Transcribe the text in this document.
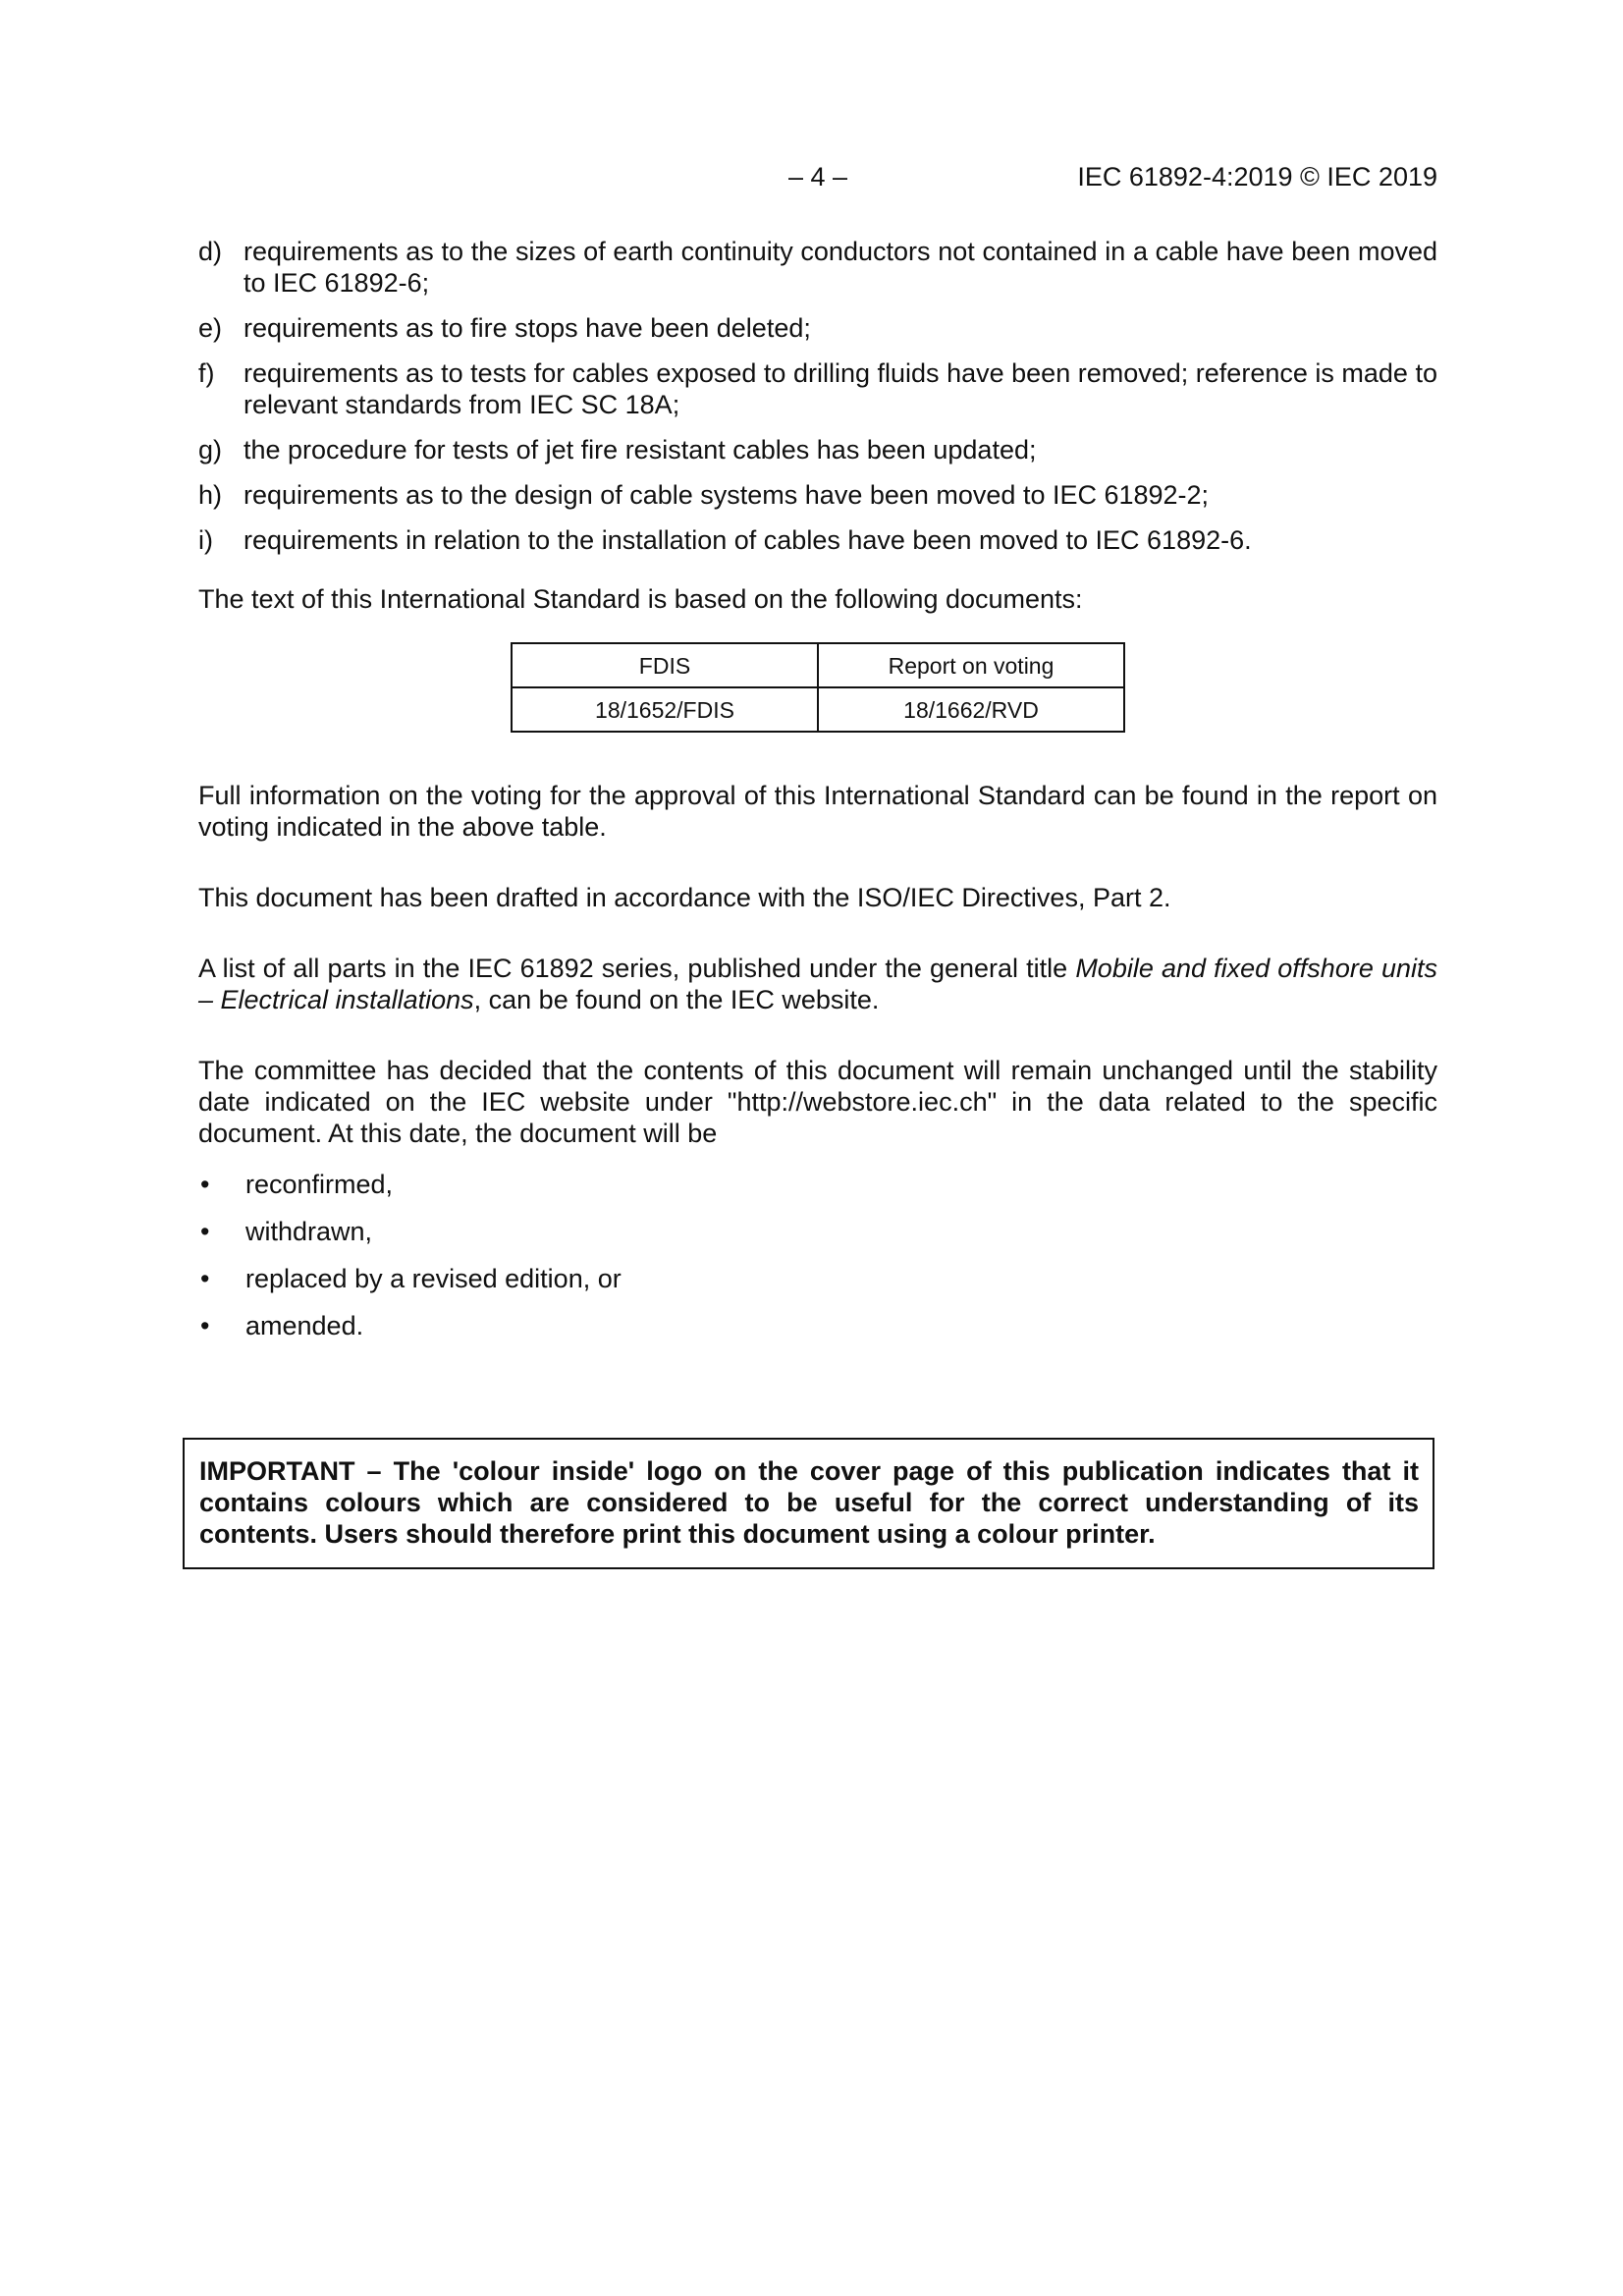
– 4 –	IEC 61892-4:2019 © IEC 2019
d) requirements as to the sizes of earth continuity conductors not contained in a cable have been moved to IEC 61892-6;
e) requirements as to fire stops have been deleted;
f)	requirements as to tests for cables exposed to drilling fluids have been removed; reference is made to relevant standards from IEC SC 18A;
g) the procedure for tests of jet fire resistant cables has been updated;
h) requirements as to the design of cable systems have been moved to IEC 61892-2;
i)	requirements in relation to the installation of cables have been moved to IEC 61892-6.

The text of this International Standard is based on the following documents:

FDIS	Report on voting
18/1652/FDIS	18/1662/RVD

Full information on the voting for the approval of this International Standard can be found in the report on voting indicated in the above table.

This document has been drafted in accordance with the ISO/IEC Directives, Part 2.

A list of all parts in the IEC 61892 series, published under the general title Mobile and fixed offshore units – Electrical installations, can be found on the IEC website.

The committee has decided that the contents of this document will remain unchanged until the stability date indicated on the IEC website under "http://webstore.iec.ch" in the data related to the specific document. At this date, the document will be

•	reconfirmed,
•	withdrawn,
•	replaced by a revised edition, or
•	amended.
IMPORTANT – The 'colour inside' logo on the cover page of this publication indicates that it contains colours which are considered to be useful for the correct understanding of its contents. Users should therefore print this document using a colour printer.
